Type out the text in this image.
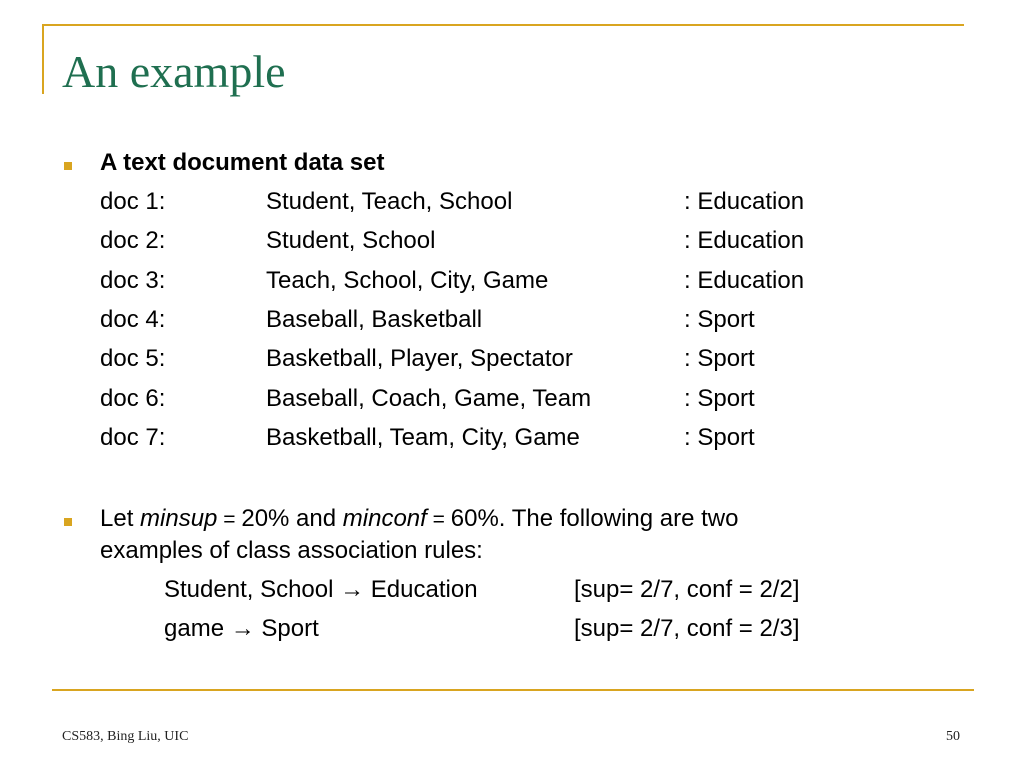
An example
A text document data set
doc 1:	Student, Teach, School	: Education
doc 2:	Student, School	: Education
doc 3:	Teach, School, City, Game	: Education
doc 4:	Baseball, Basketball	: Sport
doc 5:	Basketball, Player, Spectator	: Sport
doc 6:	Baseball, Coach, Game, Team	: Sport
doc 7:	Basketball, Team, City, Game	: Sport
Let minsup = 20% and minconf = 60%. The following are two
examples of class association rules:
Student, School → Education	[sup= 2/7, conf = 2/2]
game → Sport	[sup= 2/7, conf = 2/3]
CS583, Bing Liu, UIC	50
